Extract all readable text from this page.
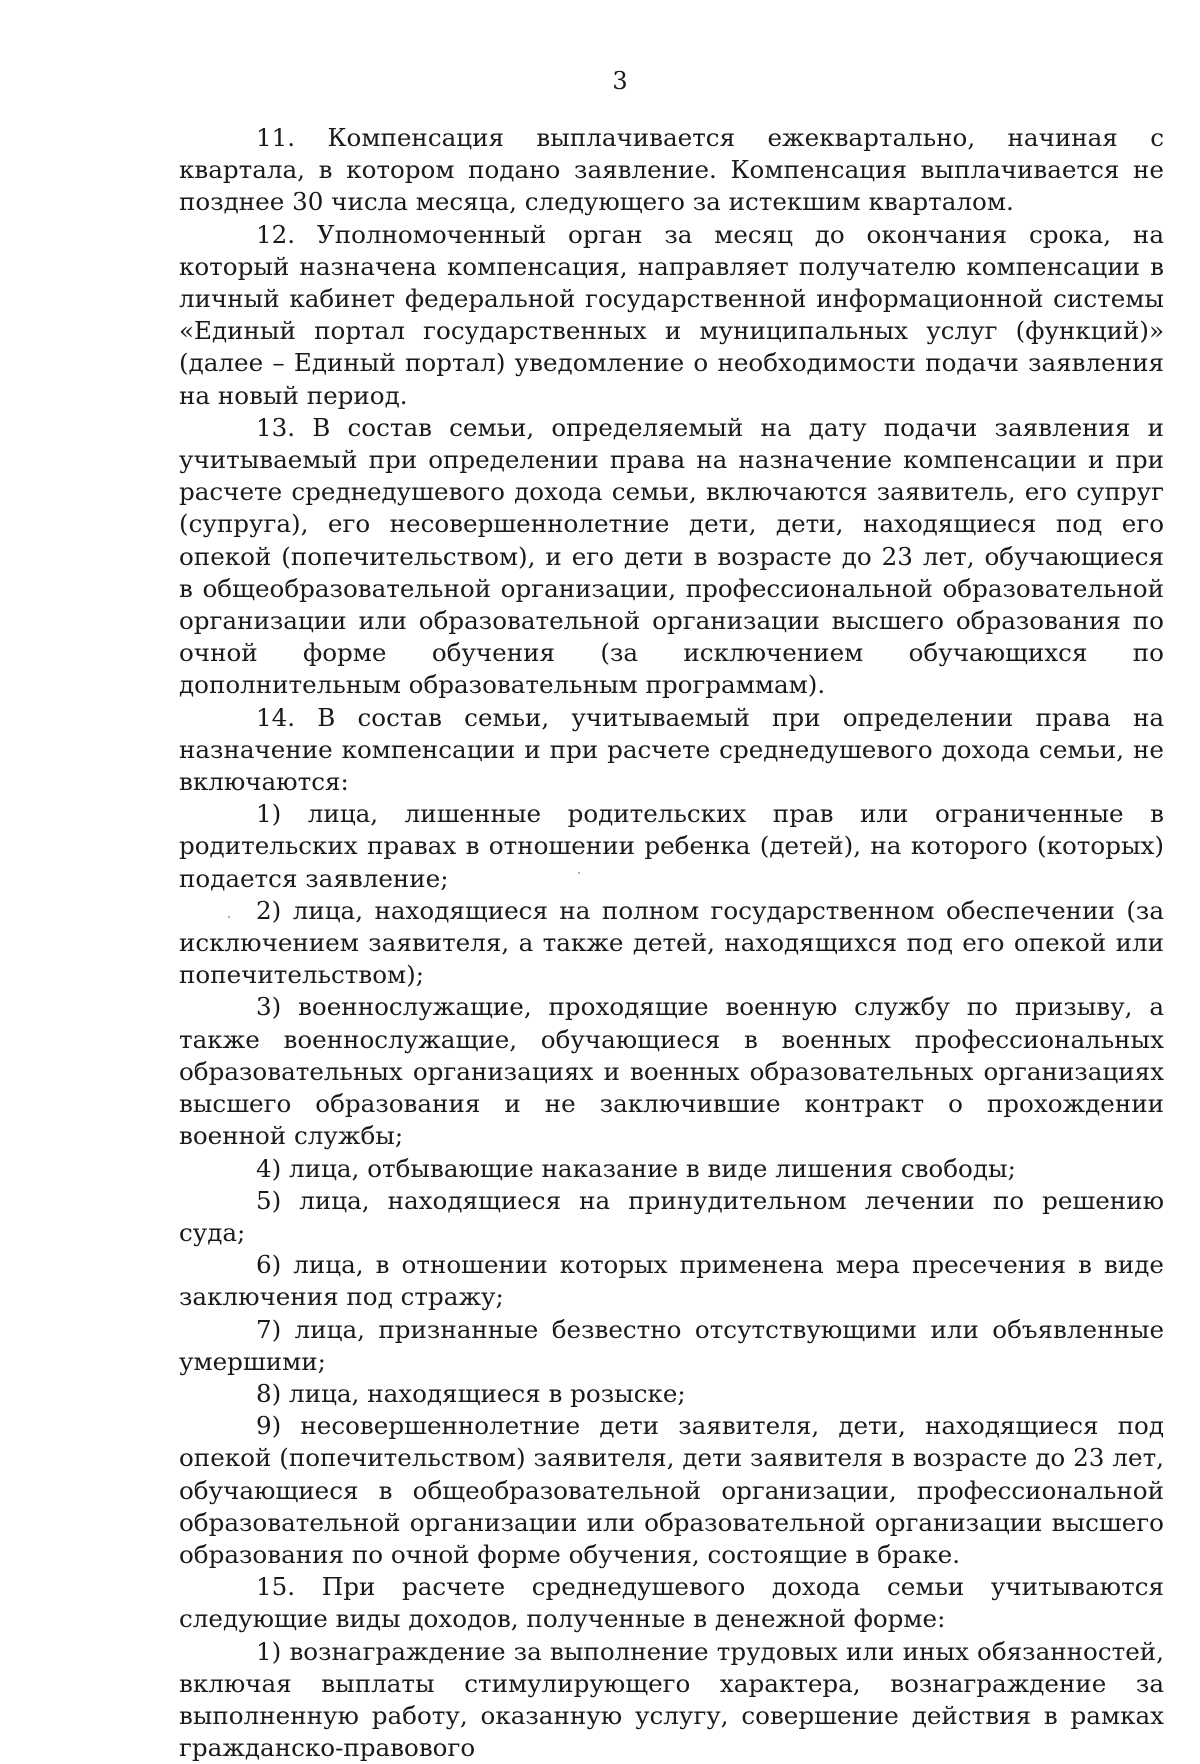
3

11. Компенсация выплачивается ежеквартально, начиная с квартала, в котором подано заявление. Компенсация выплачивается не позднее 30 числа месяца, следующего за истекшим кварталом.

12. Уполномоченный орган за месяц до окончания срока, на который назначена компенсация, направляет получателю компенсации в личный кабинет федеральной государственной информационной системы «Единый портал государственных и муниципальных услуг (функций)» (далее – Единый портал) уведомление о необходимости подачи заявления на новый период.

13. В состав семьи, определяемый на дату подачи заявления и учитываемый при определении права на назначение компенсации и при расчете среднедушевого дохода семьи, включаются заявитель, его супруг (супруга), его несовершеннолетние дети, дети, находящиеся под его опекой (попечительством), и его дети в возрасте до 23 лет, обучающиеся в общеобразовательной организации, профессиональной образовательной организации или образовательной организации высшего образования по очной форме обучения (за исключением обучающихся по дополнительным образовательным программам).

14. В состав семьи, учитываемый при определении права на назначение компенсации и при расчете среднедушевого дохода семьи, не включаются:

1) лица, лишенные родительских прав или ограниченные в родительских правах в отношении ребенка (детей), на которого (которых) подается заявление;

2) лица, находящиеся на полном государственном обеспечении (за исключением заявителя, а также детей, находящихся под его опекой или попечительством);

3) военнослужащие, проходящие военную службу по призыву, а также военнослужащие, обучающиеся в военных профессиональных образовательных организациях и военных образовательных организациях высшего образования и не заключившие контракт о прохождении военной службы;

4) лица, отбывающие наказание в виде лишения свободы;

5) лица, находящиеся на принудительном лечении по решению суда;

6) лица, в отношении которых применена мера пресечения в виде заключения под стражу;

7) лица, признанные безвестно отсутствующими или объявленные умершими;

8) лица, находящиеся в розыске;

9) несовершеннолетние дети заявителя, дети, находящиеся под опекой (попечительством) заявителя, дети заявителя в возрасте до 23 лет, обучающиеся в общеобразовательной организации, профессиональной образовательной организации или образовательной организации высшего образования по очной форме обучения, состоящие в браке.

15. При расчете среднедушевого дохода семьи учитываются следующие виды доходов, полученные в денежной форме:

1) вознаграждение за выполнение трудовых или иных обязанностей, включая выплаты стимулирующего характера, вознаграждение за выполненную работу, оказанную услугу, совершение действия в рамках гражданско-правового
